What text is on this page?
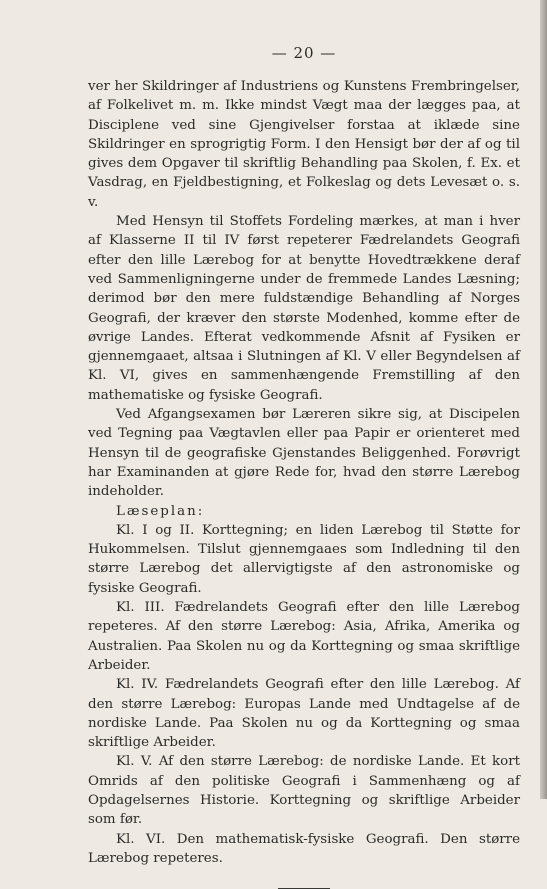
— 20 —

ver her Skildringer af Industriens og Kunstens Frembringelser, af Folkelivet m. m. Ikke mindst Vægt maa der lægges paa, at Disciplene ved sine Gjengivelser forstaa at iklæde sine Skildringer en sprogrigtig Form. I den Hensigt bør der af og til gives dem Opgaver til skriftlig Behandling paa Skolen, f. Ex. et Vasdrag, en Fjeldbestigning, et Folkeslag og dets Levesæt o. s. v.

Med Hensyn til Stoffets Fordeling mærkes, at man i hver af Klasserne II til IV først repeterer Fædrelandets Geografi efter den lille Lærebog for at benytte Hovedtrækkene deraf ved Sammenligningerne under de fremmede Landes Læsning; derimod bør den mere fuldstændige Behandling af Norges Geografi, der kræver den største Modenhed, komme efter de øvrige Landes. Efterat vedkommende Afsnit af Fysiken er gjennemgaaet, altsaa i Slutningen af Kl. V eller Begyndelsen af Kl. VI, gives en sammenhængende Fremstilling af den mathematiske og fysiske Geografi.

Ved Afgangsexamen bør Læreren sikre sig, at Discipelen ved Tegning paa Vægtavlen eller paa Papir er orienteret med Hensyn til de geografiske Gjenstandes Beliggenhed. Forøvrigt har Examinanden at gjøre Rede for, hvad den større Lærebog indeholder.

Læseplan:

Kl. I og II. Korttegning; en liden Lærebog til Støtte for Hukommelsen. Tilslut gjennemgaaes som Indledning til den større Lærebog det allervigtigste af den astronomiske og fysiske Geografi.

Kl. III. Fædrelandets Geografi efter den lille Lærebog repeteres. Af den større Lærebog: Asia, Afrika, Amerika og Australien. Paa Skolen nu og da Korttegning og smaa skriftlige Arbeider.

Kl. IV. Fædrelandets Geografi efter den lille Lærebog. Af den større Lærebog: Europas Lande med Undtagelse af de nordiske Lande. Paa Skolen nu og da Korttegning og smaa skriftlige Arbeider.

Kl. V. Af den større Lærebog: de nordiske Lande. Et kort Omrids af den politiske Geografi i Sammenhæng og af Opdagelsernes Historie. Korttegning og skriftlige Arbeider som før.

Kl. VI. Den mathematisk-fysiske Geografi. Den større Lærebog repeteres.
